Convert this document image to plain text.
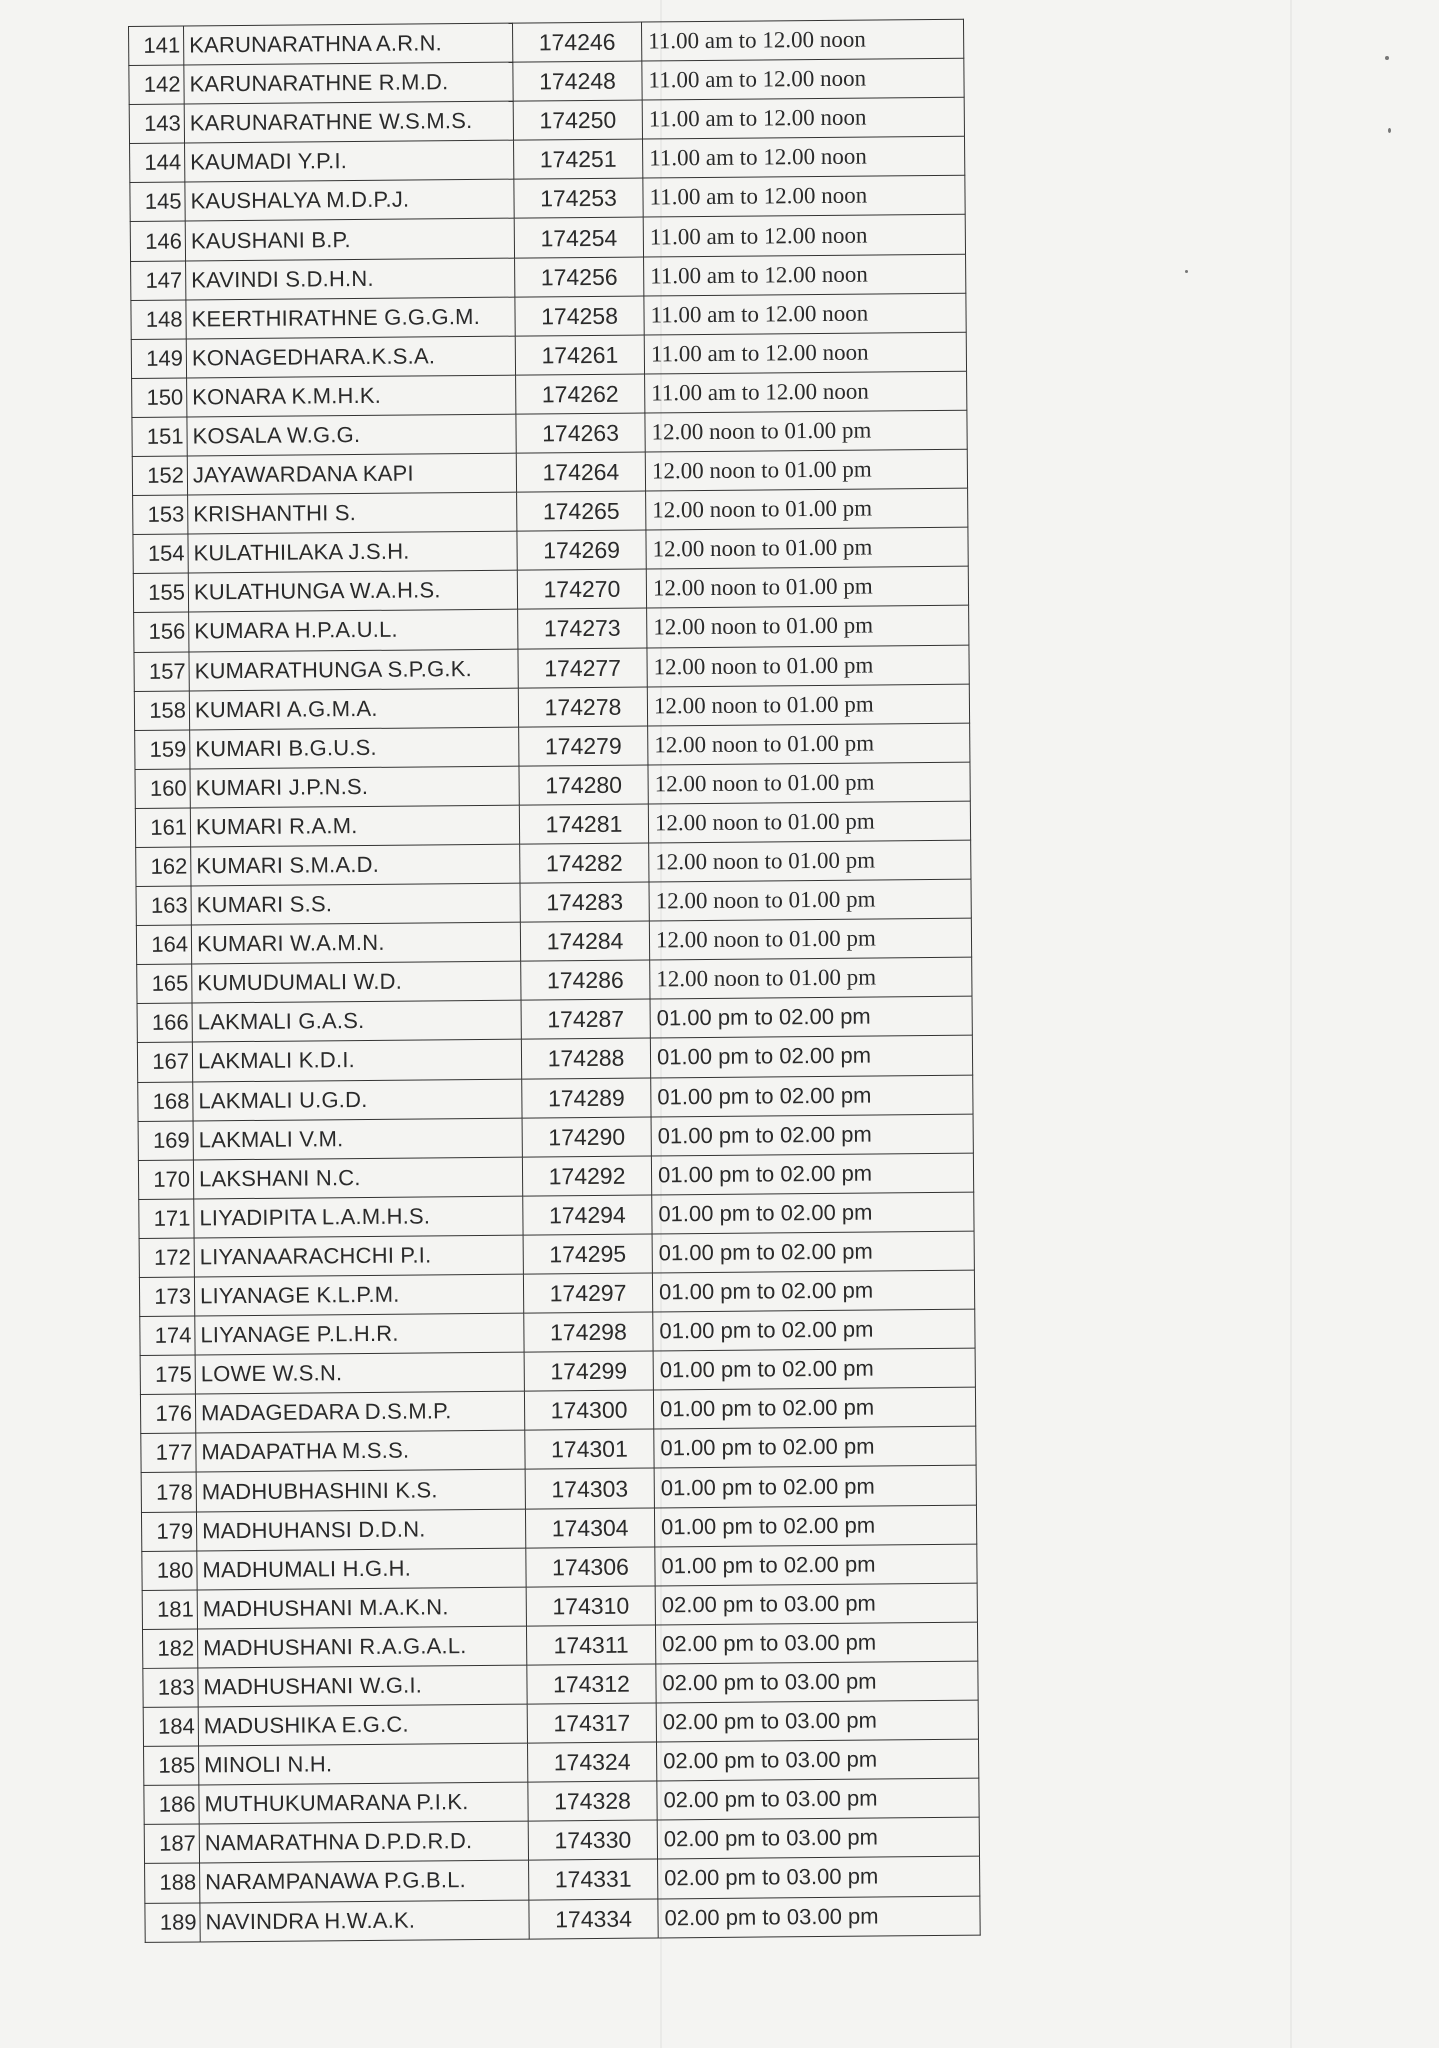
141	KARUNARATHNA A.R.N.	174246	11.00 am to 12.00 noon
142	KARUNARATHNE R.M.D.	174248	11.00 am to 12.00 noon
143	KARUNARATHNE W.S.M.S.	174250	11.00 am to 12.00 noon
144	KAUMADI Y.P.I.	174251	11.00 am to 12.00 noon
145	KAUSHALYA M.D.P.J.	174253	11.00 am to 12.00 noon
146	KAUSHANI B.P.	174254	11.00 am to 12.00 noon
147	KAVINDI S.D.H.N.	174256	11.00 am to 12.00 noon
148	KEERTHIRATHNE G.G.G.M.	174258	11.00 am to 12.00 noon
149	KONAGEDHARA.K.S.A.	174261	11.00 am to 12.00 noon
150	KONARA K.M.H.K.	174262	11.00 am to 12.00 noon
151	KOSALA W.G.G.	174263	12.00 noon to 01.00 pm
152	JAYAWARDANA KAPI	174264	12.00 noon to 01.00 pm
153	KRISHANTHI S.	174265	12.00 noon to 01.00 pm
154	KULATHILAKA J.S.H.	174269	12.00 noon to 01.00 pm
155	KULATHUNGA W.A.H.S.	174270	12.00 noon to 01.00 pm
156	KUMARA H.P.A.U.L.	174273	12.00 noon to 01.00 pm
157	KUMARATHUNGA S.P.G.K.	174277	12.00 noon to 01.00 pm
158	KUMARI A.G.M.A.	174278	12.00 noon to 01.00 pm
159	KUMARI B.G.U.S.	174279	12.00 noon to 01.00 pm
160	KUMARI J.P.N.S.	174280	12.00 noon to 01.00 pm
161	KUMARI R.A.M.	174281	12.00 noon to 01.00 pm
162	KUMARI S.M.A.D.	174282	12.00 noon to 01.00 pm
163	KUMARI S.S.	174283	12.00 noon to 01.00 pm
164	KUMARI W.A.M.N.	174284	12.00 noon to 01.00 pm
165	KUMUDUMALI W.D.	174286	12.00 noon to 01.00 pm
166	LAKMALI G.A.S.	174287	01.00 pm to 02.00 pm
167	LAKMALI K.D.I.	174288	01.00 pm to 02.00 pm
168	LAKMALI U.G.D.	174289	01.00 pm to 02.00 pm
169	LAKMALI V.M.	174290	01.00 pm to 02.00 pm
170	LAKSHANI N.C.	174292	01.00 pm to 02.00 pm
171	LIYADIPITA L.A.M.H.S.	174294	01.00 pm to 02.00 pm
172	LIYANAARACHCHI P.I.	174295	01.00 pm to 02.00 pm
173	LIYANAGE K.L.P.M.	174297	01.00 pm to 02.00 pm
174	LIYANAGE P.L.H.R.	174298	01.00 pm to 02.00 pm
175	LOWE W.S.N.	174299	01.00 pm to 02.00 pm
176	MADAGEDARA D.S.M.P.	174300	01.00 pm to 02.00 pm
177	MADAPATHA M.S.S.	174301	01.00 pm to 02.00 pm
178	MADHUBHASHINI K.S.	174303	01.00 pm to 02.00 pm
179	MADHUHANSI D.D.N.	174304	01.00 pm to 02.00 pm
180	MADHUMALI H.G.H.	174306	01.00 pm to 02.00 pm
181	MADHUSHANI M.A.K.N.	174310	02.00 pm to 03.00 pm
182	MADHUSHANI R.A.G.A.L.	174311	02.00 pm to 03.00 pm
183	MADHUSHANI W.G.I.	174312	02.00 pm to 03.00 pm
184	MADUSHIKA E.G.C.	174317	02.00 pm to 03.00 pm
185	MINOLI N.H.	174324	02.00 pm to 03.00 pm
186	MUTHUKUMARANA P.I.K.	174328	02.00 pm to 03.00 pm
187	NAMARATHNA D.P.D.R.D.	174330	02.00 pm to 03.00 pm
188	NARAMPANAWA P.G.B.L.	174331	02.00 pm to 03.00 pm
189	NAVINDRA H.W.A.K.	174334	02.00 pm to 03.00 pm
